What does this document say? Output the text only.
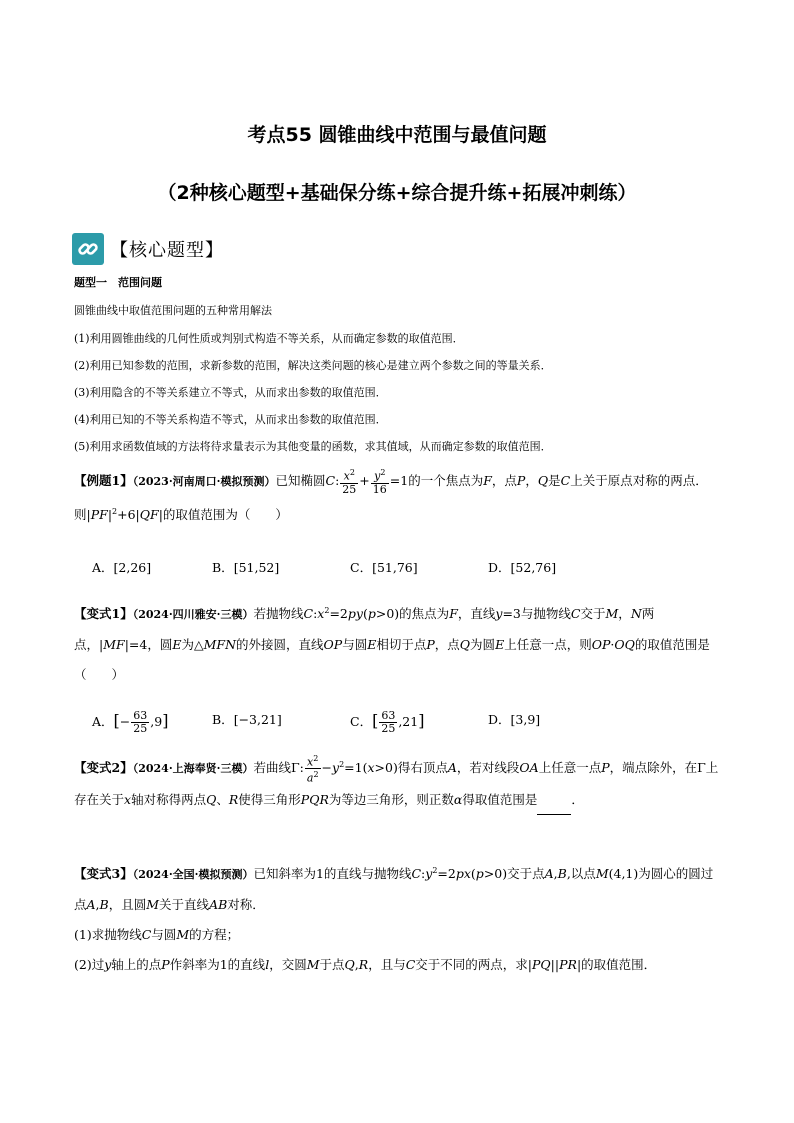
考点55 圆锥曲线中范围与最值问题
（2种核心题型+基础保分练+综合提升练+拓展冲刺练）
【核心题型】
题型一　范围问题
圆锥曲线中取值范围问题的五种常用解法
(1)利用圆锥曲线的几何性质或判别式构造不等关系，从而确定参数的取值范围．
(2)利用已知参数的范围，求新参数的范围，解决这类问题的核心是建立两个参数之间的等量关系．
(3)利用隐含的不等关系建立不等式，从而求出参数的取值范围．
(4)利用已知的不等关系构造不等式，从而求出参数的取值范围．
(5)利用求函数值域的方法将待求量表示为其他变量的函数，求其值域，从而确定参数的取值范围．
【例题1】（2023·河南周口·模拟预测）已知椭圆C: $\frac{x^2}{25} + \frac{y^2}{16} =1$的一个焦点为F，点P，Q是C上关于原点对称的两点．则$|PF|^2+6|QF|$的取值范围为（　　）
A．[2,26]	B．[51,52]	C．[51,76]	D．[52,76]
【变式1】（2024·四川雅安·三模）若抛物线$C:x^2=2py(p>0)$的焦点为F，直线y=3与抛物线C交于M，N两点，|MF|=4，圆E为△MFN的外接圆，直线OP与圆E相切于点P，点Q为圆E上任意一点，则OP·OQ的取值范围是（　　）
A．[− $\frac{63}{25} ,9$]	B．[−3,21]	C．[ $\frac{63}{25} ,21$]	D．[3,9]
【变式2】（2024·上海奉贤·三模）若曲线Γ: $\frac{x^2}{a^2} -y^2=1(x>0)$得右顶点A，若对线段OA上任意一点P，端点除外，在Γ上存在关于x轴对称得两点Q、R使得三角形PQR为等边三角形，则正数α得取值范围是	．
【变式3】（2024·全国·模拟预测）已知斜率为1的直线与抛物线$C:y^2=2px(p>0)$交于点A,B,以点M(4,1)为圆心的圆过点A,B，且圆M关于直线AB对称．
(1)求抛物线C与圆M的方程；
(2)过y轴上的点P作斜率为1的直线l，交圆M于点Q,R，且与C交于不同的两点，求|PQ||PR|的取值范围．
